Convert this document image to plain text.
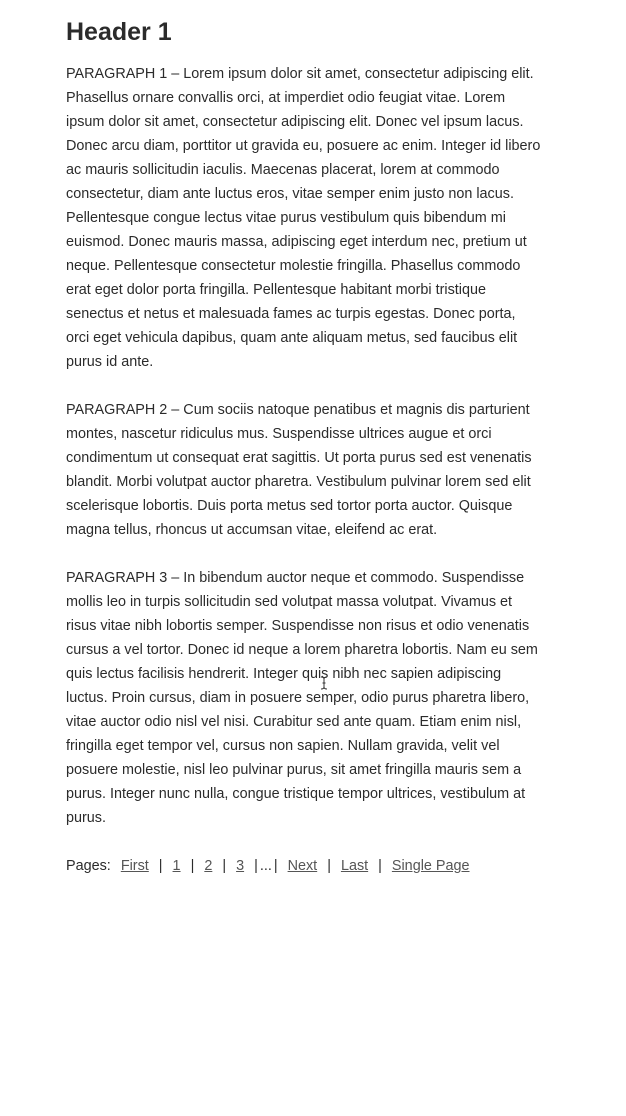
Header 1

PARAGRAPH 1 – Lorem ipsum dolor sit amet, consectetur adipiscing elit. Phasellus ornare convallis orci, at imperdiet odio feugiat vitae. Lorem ipsum dolor sit amet, consectetur adipiscing elit. Donec vel ipsum lacus. Donec arcu diam, porttitor ut gravida eu, posuere ac enim. Integer id libero ac mauris sollicitudin iaculis. Maecenas placerat, lorem at commodo consectetur, diam ante luctus eros, vitae semper enim justo non lacus. Pellentesque congue lectus vitae purus vestibulum quis bibendum mi euismod. Donec mauris massa, adipiscing eget interdum nec, pretium ut neque. Pellentesque consectetur molestie fringilla. Phasellus commodo erat eget dolor porta fringilla. Pellentesque habitant morbi tristique senectus et netus et malesuada fames ac turpis egestas. Donec porta, orci eget vehicula dapibus, quam ante aliquam metus, sed faucibus elit purus id ante.

PARAGRAPH 2 – Cum sociis natoque penatibus et magnis dis parturient montes, nascetur ridiculus mus. Suspendisse ultrices augue et orci condimentum ut consequat erat sagittis. Ut porta purus sed est venenatis blandit. Morbi volutpat auctor pharetra. Vestibulum pulvinar lorem sed elit scelerisque lobortis. Duis porta metus sed tortor porta auctor. Quisque magna tellus, rhoncus ut accumsan vitae, eleifend ac erat.

PARAGRAPH 3 – In bibendum auctor neque et commodo. Suspendisse mollis leo in turpis sollicitudin sed volutpat massa volutpat. Vivamus et risus vitae nibh lobortis semper. Suspendisse non risus et odio venenatis cursus a vel tortor. Donec id neque a lorem pharetra lobortis. Nam eu sem quis lectus facilisis hendrerit. Integer quis nibh nec sapien adipiscing luctus. Proin cursus, diam in posuere semper, odio purus pharetra libero, vitae auctor odio nisl vel nisi. Curabitur sed ante quam. Etiam enim nisl, fringilla eget tempor vel, cursus non sapien. Nullam gravida, velit vel posuere molestie, nisl leo pulvinar purus, sit amet fringilla mauris sem a purus. Integer nunc nulla, congue tristique tempor ultrices, vestibulum at purus.

Pages: First | 1 | 2 | 3 | ... | Next | Last | Single Page
